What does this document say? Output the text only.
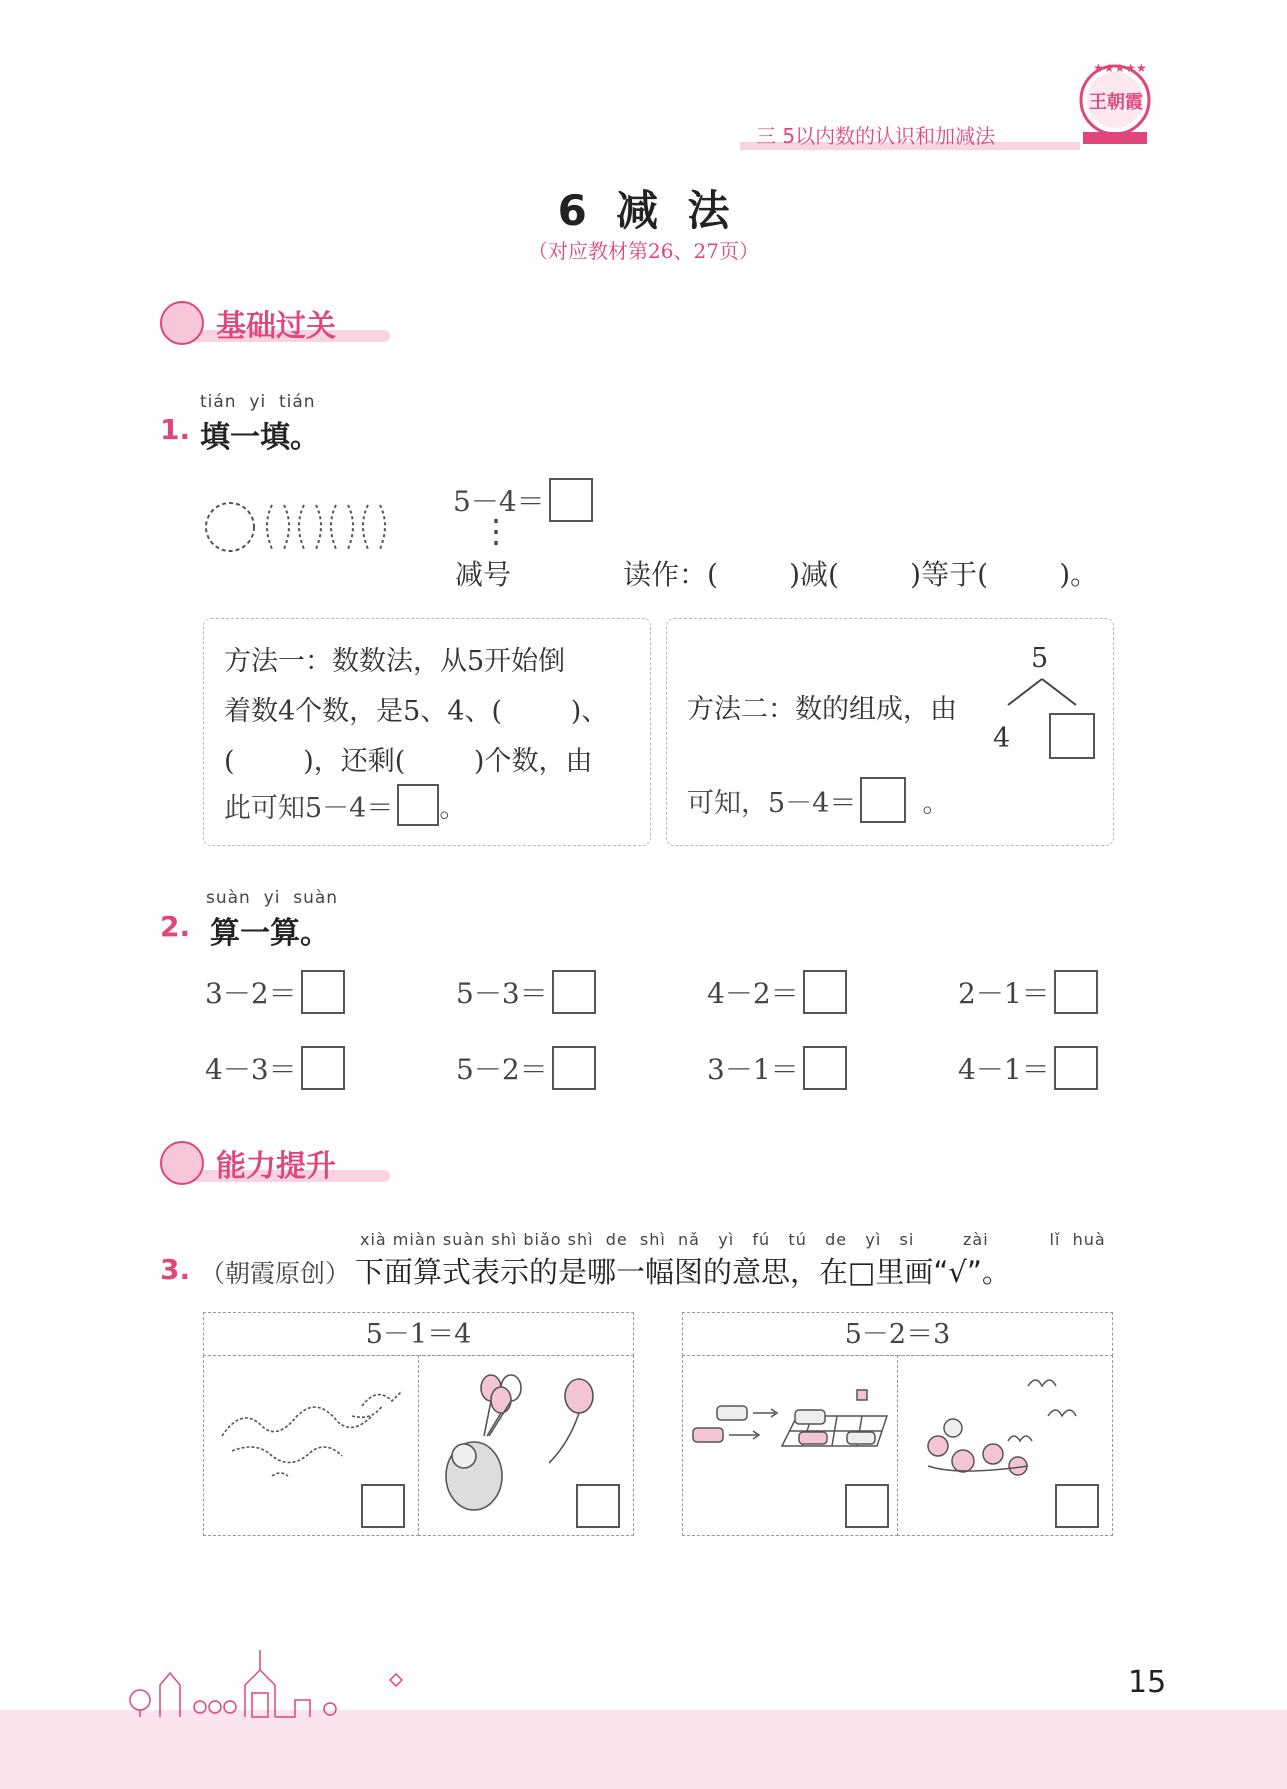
三 5以内数的认识和加减法
★★★★★
王朝霞
6  减  法
（对应教材第26、27页）
基础过关
tián  yi  tián
1. 填一填。
5－4＝
⋮
减号	读作：(        )减(        )等于(        )。
方法一：数数法，从5开始倒
着数4个数，是5、4、(        )、
(        )，还剩(        )个数，由
此可知5－4＝ 。
方法二：数的组成，由
5
4
可知，5－4＝ 。
suàn  yi  suàn
2. 算一算。
3－2＝	5－3＝	4－2＝	2－1＝
4－3＝	5－2＝	3－1＝	4－1＝
能力提升
xià miàn suàn shì biǎo shì  de  shì  nǎ   yì   fú   tú   de   yì   si        zài          lǐ  huà
3. （朝霞原创） 下面算式表示的是哪一幅图的意思，在□里画“√”。
5－1＝4	5－2＝3
15
